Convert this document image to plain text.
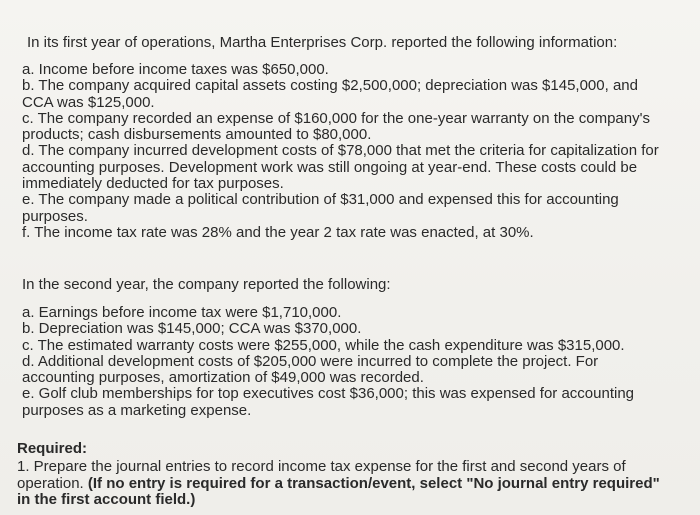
In its first year of operations, Martha Enterprises Corp. reported the following information:

a. Income before income taxes was $650,000.
b. The company acquired capital assets costing $2,500,000; depreciation was $145,000, and CCA was $125,000.
c. The company recorded an expense of $160,000 for the one-year warranty on the company's products; cash disbursements amounted to $80,000.
d. The company incurred development costs of $78,000 that met the criteria for capitalization for accounting purposes. Development work was still ongoing at year-end. These costs could be immediately deducted for tax purposes.
e. The company made a political contribution of $31,000 and expensed this for accounting purposes.
f. The income tax rate was 28% and the year 2 tax rate was enacted, at 30%.

In the second year, the company reported the following:

a. Earnings before income tax were $1,710,000.
b. Depreciation was $145,000; CCA was $370,000.
c. The estimated warranty costs were $255,000, while the cash expenditure was $315,000.
d. Additional development costs of $205,000 were incurred to complete the project. For accounting purposes, amortization of $49,000 was recorded.
e. Golf club memberships for top executives cost $36,000; this was expensed for accounting purposes as a marketing expense.

Required:

1. Prepare the journal entries to record income tax expense for the first and second years of operation. (If no entry is required for a transaction/event, select "No journal entry required" in the first account field.)
